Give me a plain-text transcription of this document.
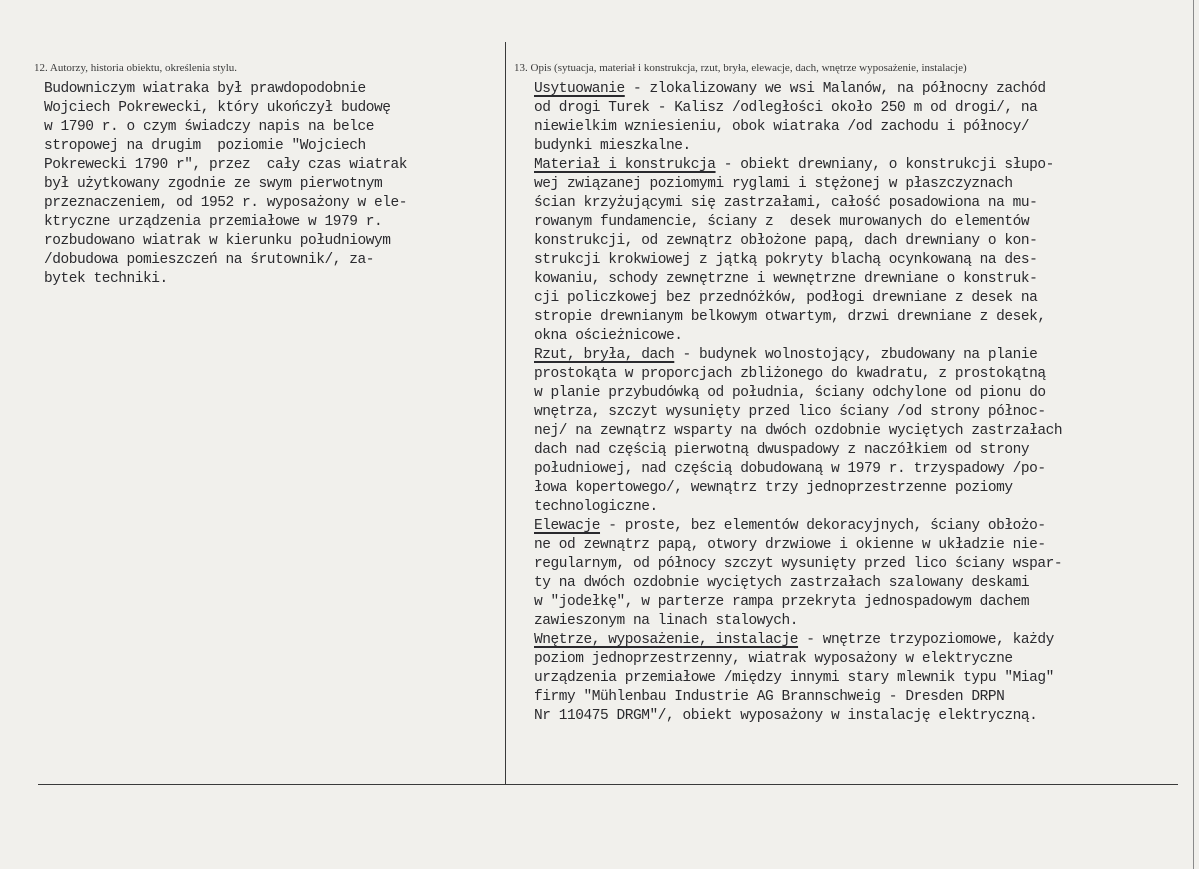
12. Autorzy, historia obiektu, określenia stylu.	13. Opis (sytuacja, materiał i konstrukcja, rzut, bryła, elewacje, dach, wnętrze wyposażenie, instalacje)
Budowniczym wiatraka był prawdopodobnie
Wojciech Pokrewecki, który ukończył budowę
w 1790 r. o czym świadczy napis na belce
stropowej na drugim  poziomie "Wojciech
Pokrewecki 1790 r", przez  cały czas wiatrak
był użytkowany zgodnie ze swym pierwotnym
przeznaczeniem, od 1952 r. wyposażony w ele-
ktryczne urządzenia przemiałowe w 1979 r.
rozbudowano wiatrak w kierunku południowym
/dobudowa pomieszczeń na śrutownik/, za-
bytek techniki.
Usytuowanie - zlokalizowany we wsi Malanów, na północny zachód
od drogi Turek - Kalisz /odległości około 250 m od drogi/, na
niewielkim wzniesieniu, obok wiatraka /od zachodu i północy/
budynki mieszkalne.
Materiał i konstrukcja - obiekt drewniany, o konstrukcji słupo-
wej związanej poziomymi ryglami i stężonej w płaszczyznach
ścian krzyżującymi się zastrzałami, całość posadowiona na mu-
rowanym fundamencie, ściany z  desek murowanych do elementów
konstrukcji, od zewnątrz obłożone papą, dach drewniany o kon-
strukcji krokwiowej z jątką pokryty blachą ocynkowaną na des-
kowaniu, schody zewnętrzne i wewnętrzne drewniane o konstruk-
cji policzkowej bez przednóżków, podłogi drewniane z desek na
stropie drewnianym belkowym otwartym, drzwi drewniane z desek,
okna ościeżnicowe.
Rzut, bryła, dach - budynek wolnostojący, zbudowany na planie
prostokąta w proporcjach zbliżonego do kwadratu, z prostokątną
w planie przybudówką od południa, ściany odchylone od pionu do
wnętrza, szczyt wysunięty przed lico ściany /od strony północ-
nej/ na zewnątrz wsparty na dwóch ozdobnie wyciętych zastrzałach
dach nad częścią pierwotną dwuspadowy z naczółkiem od strony
południowej, nad częścią dobudowaną w 1979 r. trzyspadowy /po-
łowa kopertowego/, wewnątrz trzy jednoprzestrzenne poziomy
technologiczne.
Elewacje - proste, bez elementów dekoracyjnych, ściany obłożo-
ne od zewnątrz papą, otwory drzwiowe i okienne w układzie nie-
regularnym, od północy szczyt wysunięty przed lico ściany wspar-
ty na dwóch ozdobnie wyciętych zastrzałach szalowany deskami
w "jodełkę", w parterze rampa przekryta jednospadowym dachem
zawieszonym na linach stalowych.
Wnętrze, wyposażenie, instalacje - wnętrze trzypoziomowe, każdy
poziom jednoprzestrzenny, wiatrak wyposażony w elektryczne
urządzenia przemiałowe /między innymi stary mlewnik typu "Miag"
firmy "Mühlenbau Industrie AG Brannschweig - Dresden DRPN
Nr 110475 DRGM"/, obiekt wyposażony w instalację elektryczną.
